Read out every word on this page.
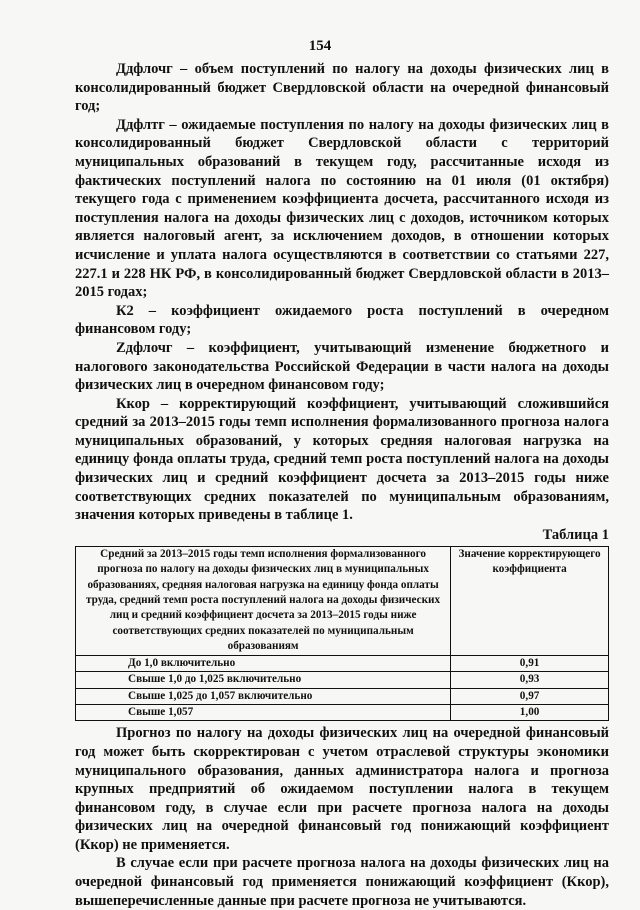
154

Ддфлочг – объем поступлений по налогу на доходы физических лиц в консолидированный бюджет Свердловской области на очередной финансовый год;

Ддфлтг – ожидаемые поступления по налогу на доходы физических лиц в консолидированный бюджет Свердловской области с территорий муниципальных образований в текущем году, рассчитанные исходя из фактических поступлений налога по состоянию на 01 июля (01 октября) текущего года с применением коэффициента досчета, рассчитанного исходя из поступления налога на доходы физических лиц с доходов, источником которых является налоговый агент, за исключением доходов, в отношении которых исчисление и уплата налога осуществляются в соответствии со статьями 227, 227.1 и 228 НК РФ, в консолидированный бюджет Свердловской области в 2013–2015 годах;

К2 – коэффициент ожидаемого роста поступлений в очередном финансовом году;

Zдфлочг – коэффициент, учитывающий изменение бюджетного и налогового законодательства Российской Федерации в части налога на доходы физических лиц в очередном финансовом году;

Ккор – корректирующий коэффициент, учитывающий сложившийся средний за 2013–2015 годы темп исполнения формализованного прогноза налога муниципальных образований, у которых средняя налоговая нагрузка на единицу фонда оплаты труда, средний темп роста поступлений налога на доходы физических лиц и средний коэффициент досчета за 2013–2015 годы ниже соответствующих средних показателей по муниципальным образованиям, значения которых приведены в таблице 1.

Таблица 1
Средний за 2013–2015 годы темп исполнения формализованного прогноза по налогу на доходы физических лиц в муниципальных образованиях, средняя налоговая нагрузка на единицу фонда оплаты труда, средний темп роста поступлений налога на доходы физических лиц и средний коэффициент досчета за 2013–2015 годы ниже соответствующих средних показателей по муниципальным образованиям	Значение корректирующего коэффициента
До 1,0 включительно	0,91
Свыше 1,0 до 1,025 включительно	0,93
Свыше 1,025 до 1,057 включительно	0,97
Свыше 1,057	1,00

Прогноз по налогу на доходы физических лиц на очередной финансовый год может быть скорректирован с учетом отраслевой структуры экономики муниципального образования, данных администратора налога и прогноза крупных предприятий об ожидаемом поступлении налога в текущем финансовом году, в случае если при расчете прогноза налога на доходы физических лиц на очередной финансовый год понижающий коэффициент (Ккор) не применяется.

В случае если при расчете прогноза налога на доходы физических лиц на очередной финансовый год применяется понижающий коэффициент (Ккор), вышеперечисленные данные при расчете прогноза не учитываются.
